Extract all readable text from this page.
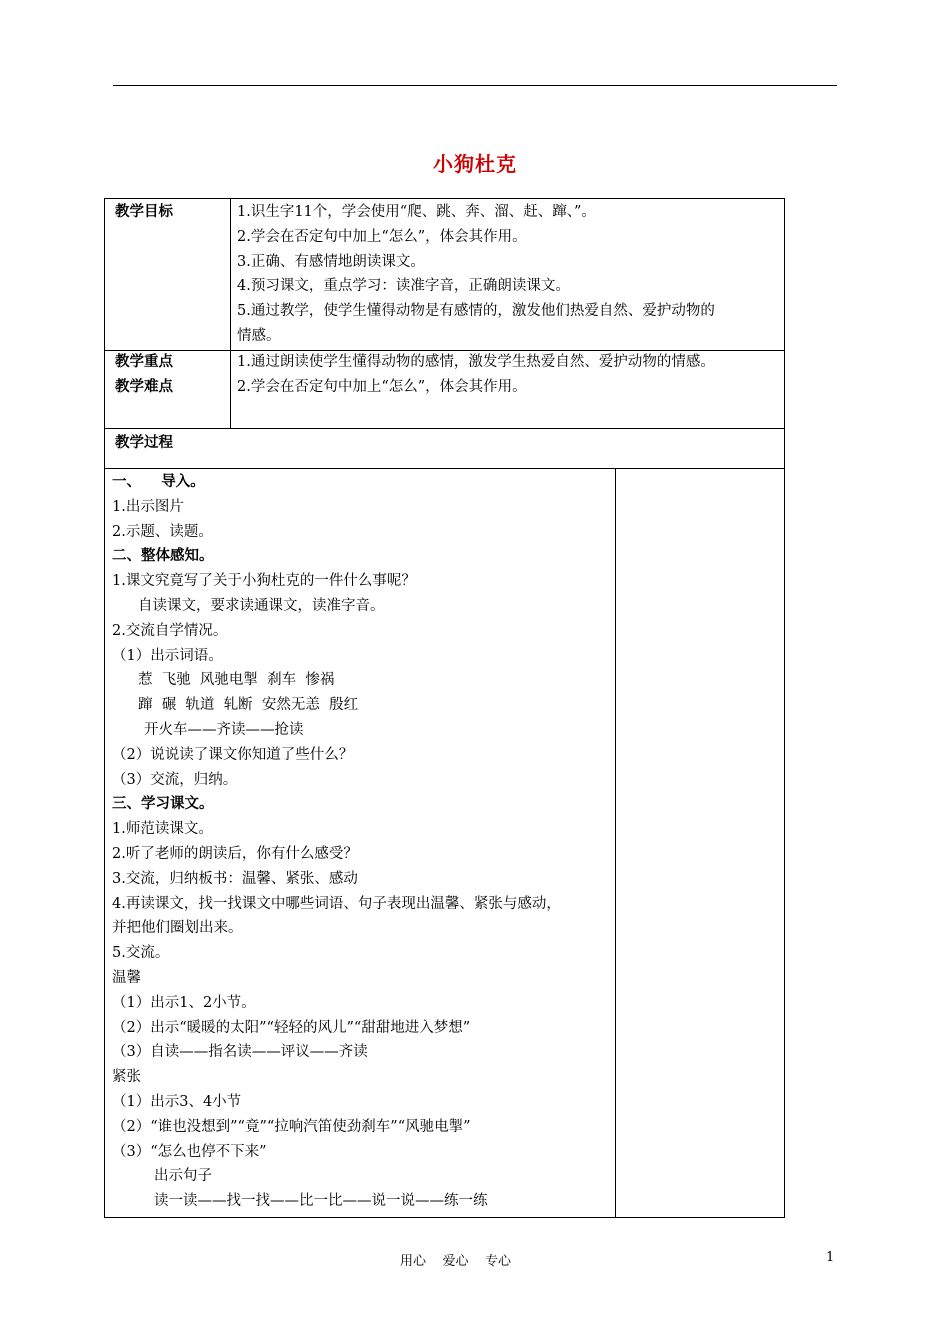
小狗杜克
教学目标	1.识生字11个，学会使用“爬、跳、奔、溜、赶、蹿、”。
2.学会在否定句中加上“怎么”，体会其作用。
3.正确、有感情地朗读课文。
4.预习课文，重点学习：读准字音，正确朗读课文。
5.通过教学，使学生懂得动物是有感情的，激发他们热爱自然、爱护动物的
情感。
教学重点
教学难点
1.通过朗读使学生懂得动物的感情，激发学生热爱自然、爱护动物的情感。
2.学会在否定句中加上“怎么”，体会其作用。
教学过程
一、    导入。
1.出示图片
2.示题、读题。
二、整体感知。
1.课文究竟写了关于小狗杜克的一件什么事呢？
自读课文，要求读通课文，读准字音。
2.交流自学情况。
（1）出示词语。
惹  飞驰  风驰电掣  刹车  惨祸
蹿  碾  轨道  轧断  安然无恙  殷红
开火车——齐读——抢读
（2）说说读了课文你知道了些什么？
（3）交流，归纳。
三、学习课文。
1.师范读课文。
2.听了老师的朗读后，你有什么感受？
3.交流，归纳板书：温馨、紧张、感动
4.再读课文，找一找课文中哪些词语、句子表现出温馨、紧张与感动，
并把他们圈划出来。
5.交流。
温馨
（1）出示1、2小节。
（2）出示“暖暖的太阳”“轻轻的风儿”“甜甜地进入梦想”
（3）自读——指名读——评议——齐读
紧张
（1）出示3、4小节
（2）“谁也没想到”“竟”“拉响汽笛使劲刹车”“风驰电掣”
（3）“怎么也停不下来”
出示句子
读一读——找一找——比一比——说一说——练一练
用心    爱心    专心	1
